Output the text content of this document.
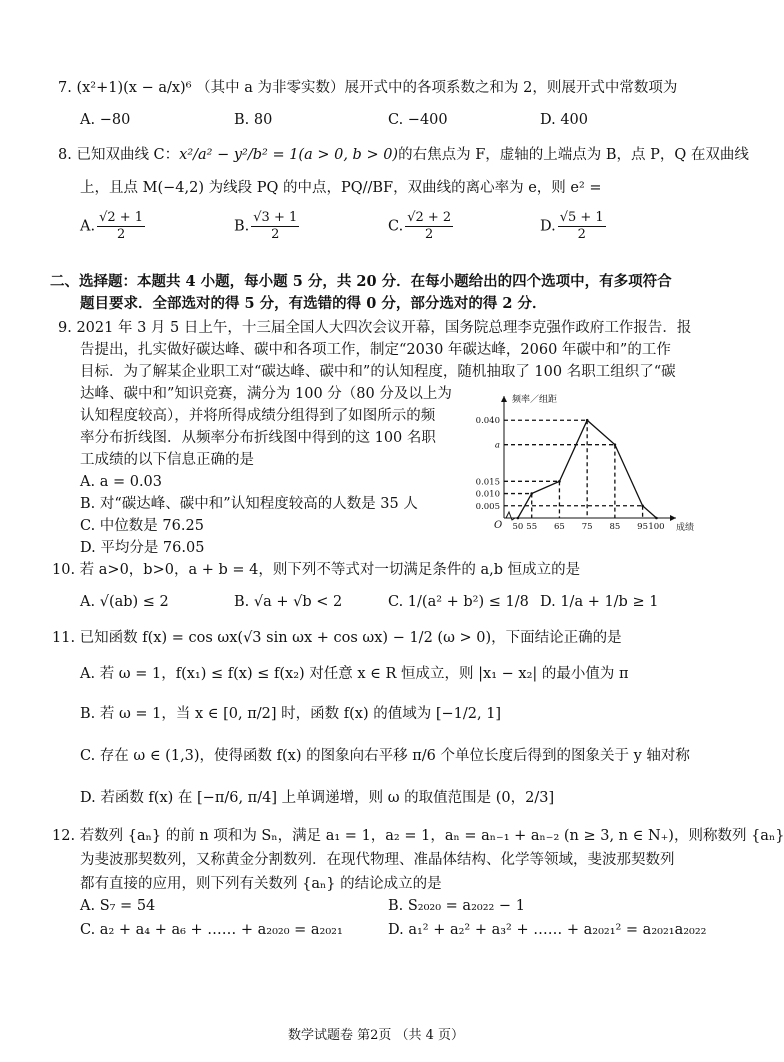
7. (x²+1)(x − a/x)⁶ （其中 a 为非零实数）展开式中的各项系数之和为 2，则展开式中常数项为
A. −80	B. 80	C. −400	D. 400
8. 已知双曲线 C：x²/a² − y²/b² = 1(a > 0, b > 0)的右焦点为 F，虚轴的上端点为 B，点 P，Q 在双曲线
上，且点 M(−4,2) 为线段 PQ 的中点，PQ//BF，双曲线的离心率为 e，则 e² =
A. $\frac{√2 + 1}{2}$	B. $\frac{√3 + 1}{2}$	C. $\frac{√2 + 2}{2}$	D. $\frac{√5 + 1}{2}$
二、选择题：本题共 4 小题，每小题 5 分，共 20 分．在每小题给出的四个选项中，有多项符合
题目要求．全部选对的得 5 分，有选错的得 0 分，部分选对的得 2 分．
9. 2021 年 3 月 5 日上午，十三届全国人大四次会议开幕，国务院总理李克强作政府工作报告．报
告提出，扎实做好碳达峰、碳中和各项工作，制定“2030 年碳达峰，2060 年碳中和”的工作
目标．为了解某企业职工对“碳达峰、碳中和”的认知程度，随机抽取了 100 名职工组织了“碳
达峰、碳中和”知识竞赛，满分为 100 分（80 分及以上为
认知程度较高），并将所得成绩分组得到了如图所示的频
率分布折线图．从频率分布折线图中得到的这 100 名职
工成绩的以下信息正确的是
A. a = 0.03
B. 对“碳达峰、碳中和”认知程度较高的人数是 35 人
C. 中位数是 76.25
D. 平均分是 76.05
频率／组距
成绩
O
0.040
a
0.015
0.010
0.005
50 55 65 75 85 95 100
10. 若 a>0，b>0，a + b = 4，则下列不等式对一切满足条件的 a,b 恒成立的是
A. √(ab) ≤ 2	B. √a + √b < 2	C. 1/(a² + b²) ≤ 1/8 D. 1/a + 1/b ≥ 1
11. 已知函数 f(x) = cos ωx(√3 sin ωx + cos ωx) − 1/2 (ω > 0)，下面结论正确的是
A. 若 ω = 1，f(x₁) ≤ f(x) ≤ f(x₂) 对任意 x ∈ R 恒成立，则 |x₁ − x₂| 的最小值为 π
B. 若 ω = 1，当 x ∈ [0, π/2] 时，函数 f(x) 的值域为 [−1/2, 1]
C. 存在 ω ∈ (1,3)，使得函数 f(x) 的图象向右平移 π/6 个单位长度后得到的图象关于 y 轴对称
D. 若函数 f(x) 在 [−π/6, π/4] 上单调递增，则 ω 的取值范围是 (0，2/3]
12. 若数列 {aₙ} 的前 n 项和为 Sₙ，满足 a₁ = 1，a₂ = 1，aₙ = aₙ₋₁ + aₙ₋₂ (n ≥ 3, n ∈ N₊)，则称数列 {aₙ}
为斐波那契数列，又称黄金分割数列．在现代物理、准晶体结构、化学等领域，斐波那契数列
都有直接的应用，则下列有关数列 {aₙ} 的结论成立的是
A. S₇ = 54	B. S₂₀₂₀ = a₂₀₂₂ − 1
C. a₂ + a₄ + a₆ + …… + a₂₀₂₀ = a₂₀₂₁	D. a₁² + a₂² + a₃² + …… + a₂₀₂₁² = a₂₀₂₁a₂₀₂₂
数学试题卷 第2页 （共 4 页）
